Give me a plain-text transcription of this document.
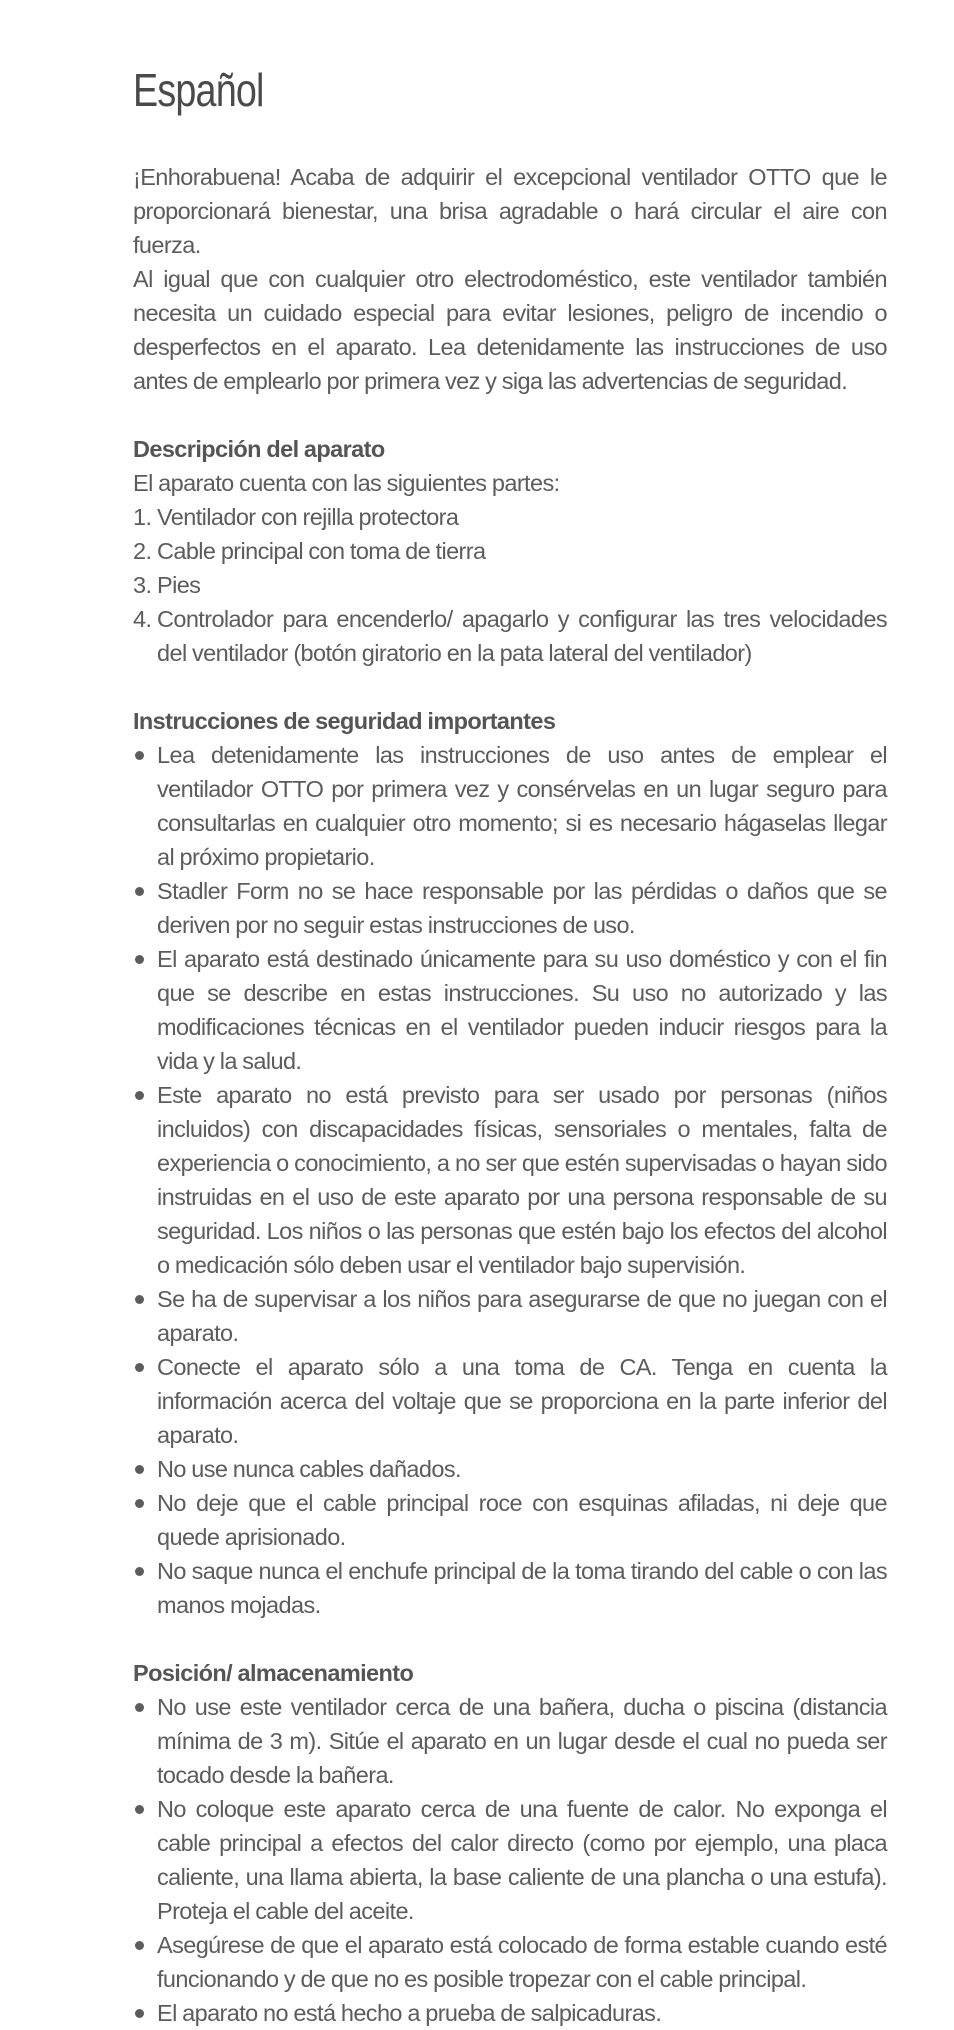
Español

¡Enhorabuena! Acaba de adquirir el excepcional ventilador OTTO que le proporcionará bienestar, una brisa agradable o hará circular el aire con fuerza.

Al igual que con cualquier otro electrodoméstico, este ventilador también necesita un cuidado especial para evitar lesiones, peligro de incendio o desperfectos en el aparato. Lea detenidamente las instrucciones de uso antes de emplearlo por primera vez y siga las advertencias de seguridad.

Descripción del aparato

El aparato cuenta con las siguientes partes:

1. Ventilador con rejilla protectora
2. Cable principal con toma de tierra
3. Pies
4. Controlador para encenderlo/ apagarlo y configurar las tres velocidades del ventilador (botón giratorio en la pata lateral del ventilador)
Instrucciones de seguridad importantes
Lea detenidamente las instrucciones de uso antes de emplear el ventilador OTTO por primera vez y consérvelas en un lugar seguro para consultarlas en cualquier otro momento; si es necesario hágaselas llegar al próximo propietario.
Stadler Form no se hace responsable por las pérdidas o daños que se deriven por no seguir estas instrucciones de uso.
El aparato está destinado únicamente para su uso doméstico y con el fin que se describe en estas instrucciones. Su uso no autorizado y las modificaciones técnicas en el ventilador pueden inducir riesgos para la vida y la salud.
Este aparato no está previsto para ser usado por personas (niños incluidos) con discapacidades físicas, sensoriales o mentales, falta de experiencia o conocimiento, a no ser que estén supervisadas o hayan sido instruidas en el uso de este aparato por una persona responsable de su seguridad. Los niños o las personas que estén bajo los efectos del alcohol o medicación sólo deben usar el ventilador bajo supervisión.
Se ha de supervisar a los niños para asegurarse de que no juegan con el aparato.
Conecte el aparato sólo a una toma de CA. Tenga en cuenta la información acerca del voltaje que se proporciona en la parte inferior del aparato.
No use nunca cables dañados.
No deje que el cable principal roce con esquinas afiladas, ni deje que quede aprisionado.
No saque nunca el enchufe principal de la toma tirando del cable o con las manos mojadas.
Posición/ almacenamiento
No use este ventilador cerca de una bañera, ducha o piscina (distancia mínima de 3 m). Sitúe el aparato en un lugar desde el cual no pueda ser tocado desde la bañera.
No coloque este aparato cerca de una fuente de calor. No exponga el cable principal a efectos del calor directo (como por ejemplo, una placa caliente, una llama abierta, la base caliente de una plancha o una estufa). Proteja el cable del aceite.
Asegúrese de que el aparato está colocado de forma estable cuando esté funcionando y de que no es posible tropezar con el cable principal.
El aparato no está hecho a prueba de salpicaduras.
